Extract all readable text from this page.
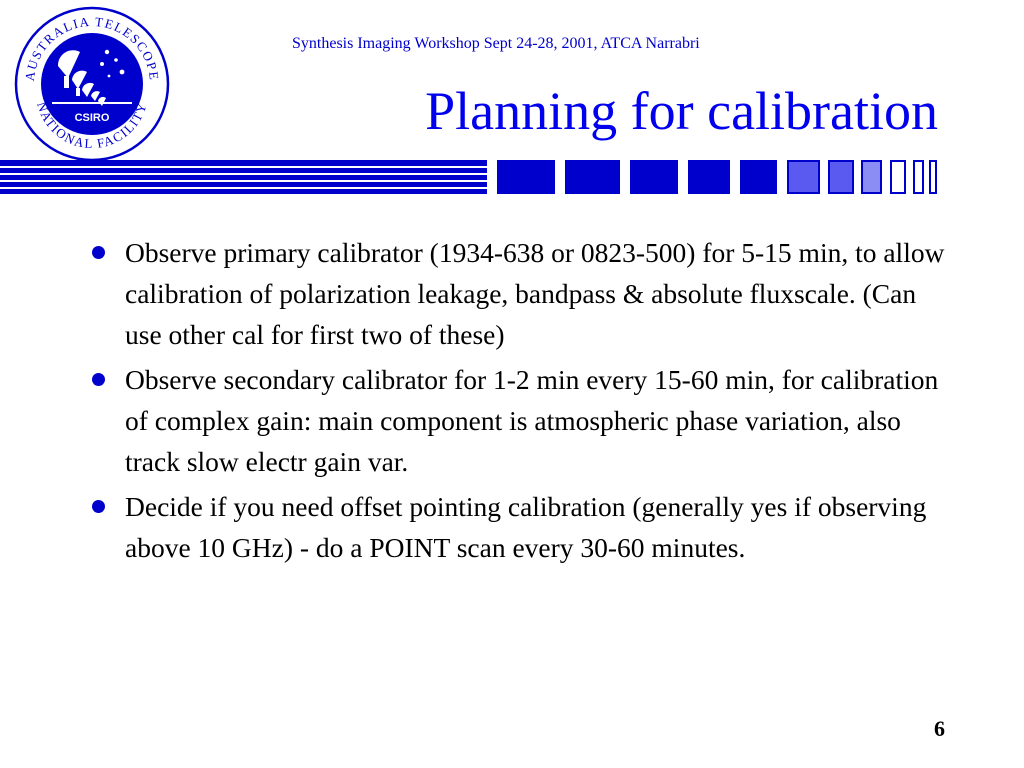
AUSTRALIA TELESCOPE
NATIONAL FACILITY
CSIRO
Synthesis Imaging Workshop Sept 24-28, 2001, ATCA Narrabri
Planning for calibration
Observe primary calibrator (1934-638 or 0823-500) for 5-15 min, to allow calibration of polarization leakage, bandpass & absolute fluxscale. (Can use other cal for first two of these)
Observe secondary calibrator for 1-2 min every 15-60 min, for calibration of complex gain: main component is atmospheric phase variation, also track slow electr gain var.
Decide if you need offset pointing calibration (generally yes if observing above 10 GHz) - do a POINT scan every 30-60 minutes.
6
